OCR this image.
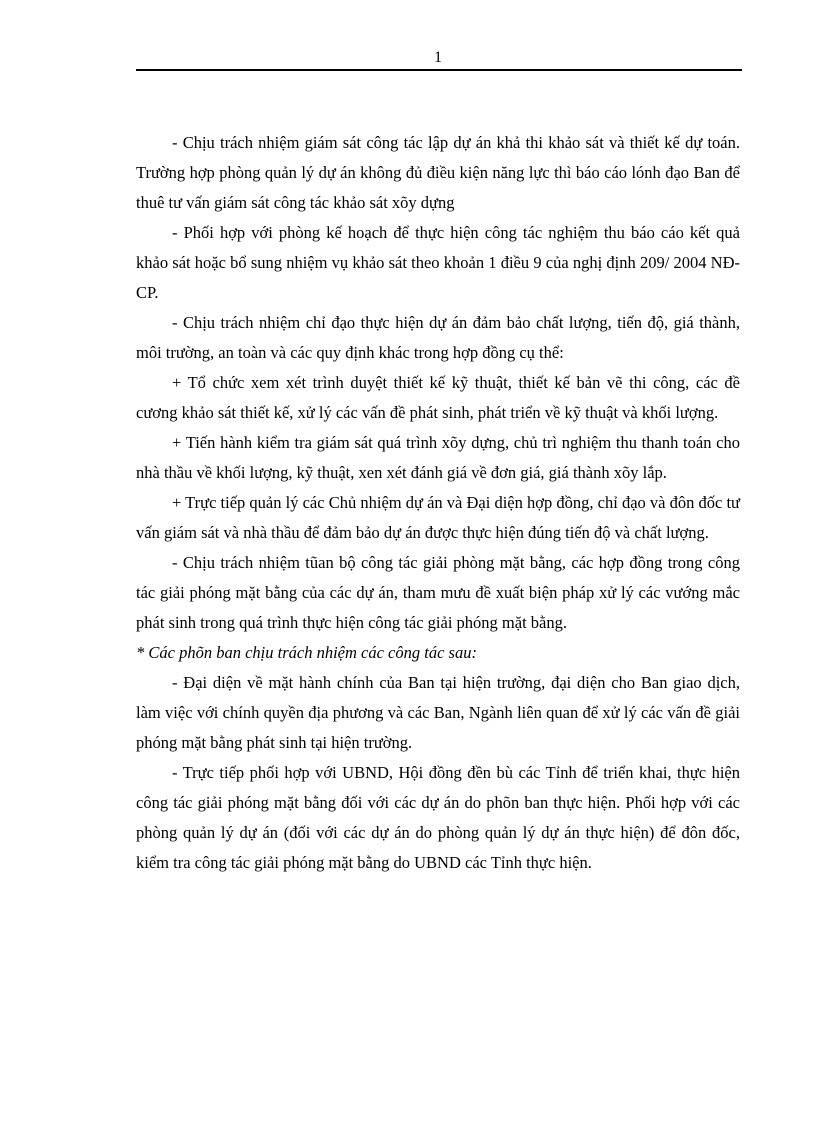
1

- Chịu trách nhiệm giám sát công tác lập dự án khả thi khảo sát và thiết kế dự toán. Trường hợp phòng quản lý dự án không đủ điều kiện năng lực thì báo cáo lónh đạo Ban để thuê tư vấn giám sát công tác khảo sát xõy dựng

- Phối hợp với phòng kế hoạch để thực hiện công tác nghiệm thu báo cáo kết quả khảo sát hoặc bổ sung nhiệm vụ khảo sát theo khoản 1 điều 9 của nghị định 209/ 2004 NĐ-CP.

- Chịu trách nhiệm chỉ đạo thực hiện dự án đảm bảo chất lượng, tiến độ, giá thành, môi trường, an toàn và các quy định khác trong hợp đồng cụ thể:

+ Tổ chức xem xét trình duyệt thiết kế kỹ thuật, thiết kế bản vẽ thi công, các đề cương khảo sát thiết kế, xử lý các vấn đề phát sinh, phát triển về kỹ thuật và khối lượng.

+ Tiến hành kiểm tra giám sát quá trình xõy dựng, chủ trì nghiệm thu thanh toán cho nhà thầu về khối lượng, kỹ thuật, xen xét đánh giá về đơn giá, giá thành xõy lắp.

+ Trực tiếp quản lý các Chủ nhiệm dự án và Đại diện hợp đồng, chỉ đạo và đôn đốc tư vấn giám sát và nhà thầu để đảm bảo dự án được thực hiện đúng tiến độ và chất lượng.

- Chịu trách nhiệm tũan bộ công tác giải phòng mặt bằng, các hợp đồng trong công tác giải phóng mặt bằng của các dự án, tham mưu đề xuất biện pháp xử lý các vướng mắc phát sinh trong quá trình thực hiện công tác giải phóng mặt bằng.

* Các phõn ban chịu trách nhiệm các công tác sau:

- Đại diện về mặt hành chính của Ban tại hiện trường, đại diện cho Ban giao dịch, làm việc với chính quyền địa phương và các Ban, Ngành liên quan để xử lý các vấn đề giải phóng mặt bằng phát sinh tại hiện trường.

- Trực tiếp phối hợp với UBND, Hội đồng đền bù các Tỉnh để triển khai, thực hiện công tác giải phóng mặt bằng đối với các dự án do phõn ban thực hiện. Phối hợp với các phòng quản lý dự án (đối với các dự án do phòng quản lý dự án thực hiện) để đôn đốc, kiểm tra công tác giải phóng mặt bằng do UBND các Tỉnh thực hiện.
